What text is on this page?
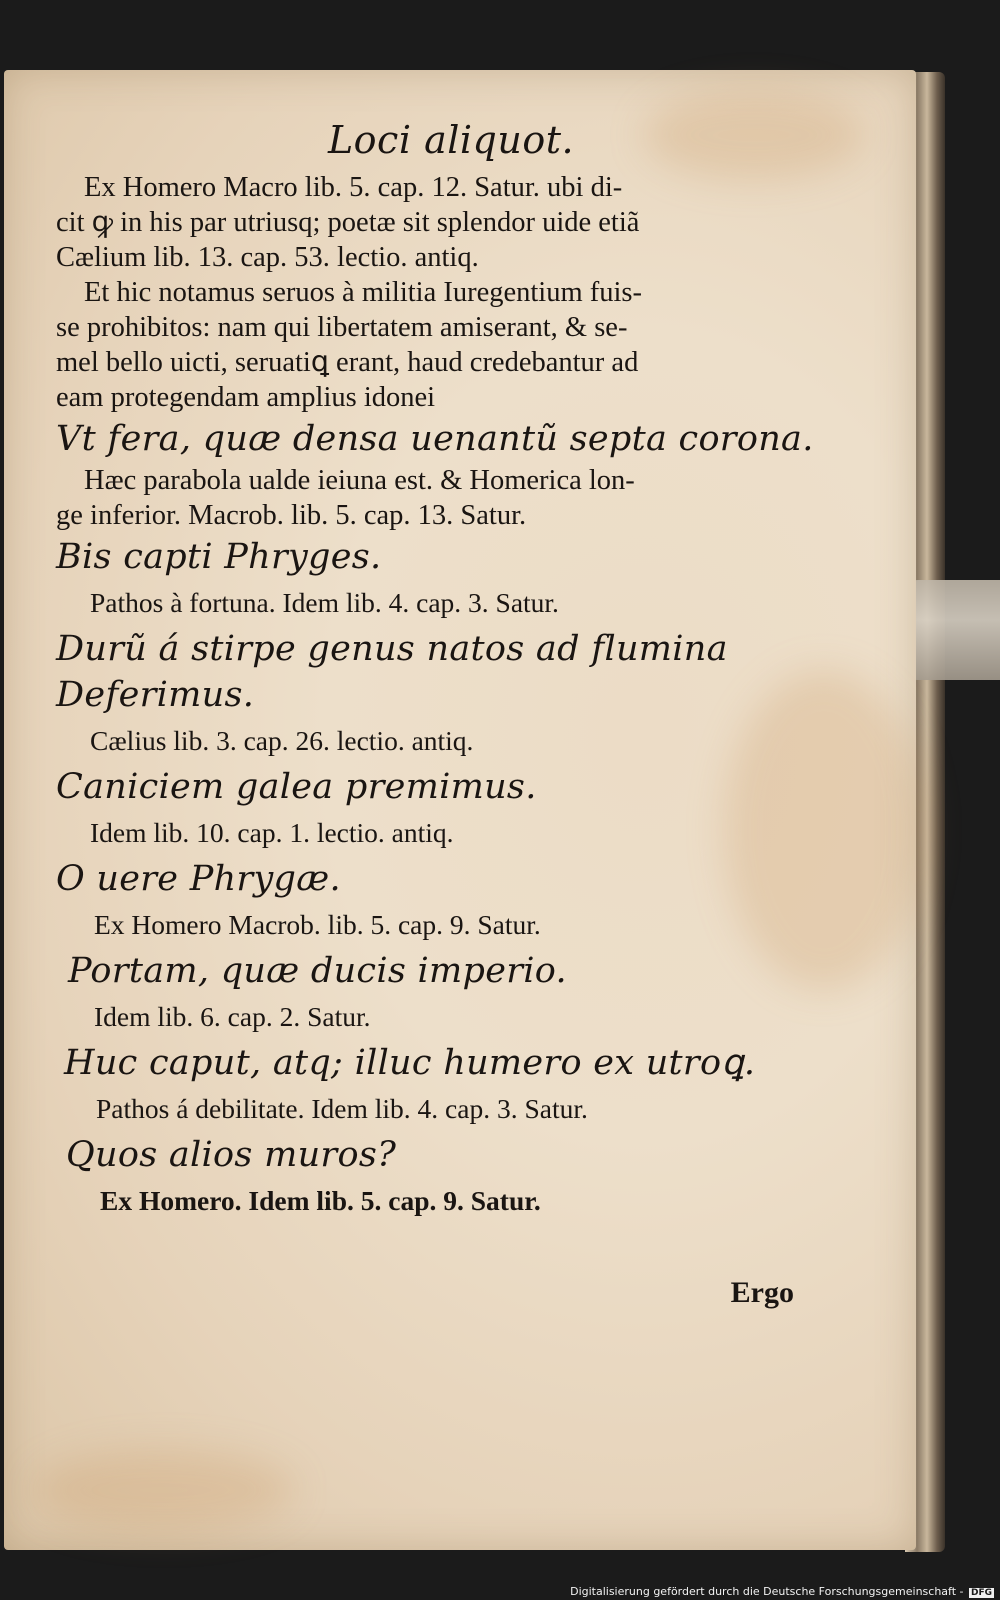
Loci aliquot.

Ex Homero Macro lib. 5. cap. 12. Satur. ubi di-

cit ꝙ in his par utriusq; poetæ sit splendor uide etiã

Cælium lib. 13. cap. 53. lectio. antiq.

Et hic notamus seruos à militia Iuregentium fuis-

se prohibitos: nam qui libertatem amiserant, & se-

mel bello uicti, seruatiꝗ erant, haud credebantur ad

eam protegendam amplius idonei

Vt fera, quæ densa uenantũ septa corona.

Hæc parabola ualde ieiuna est. & Homerica lon-

ge inferior. Macrob. lib. 5. cap. 13. Satur.

Bis capti Phryges.

Pathos à fortuna. Idem lib. 4. cap. 3. Satur.

Durũ á stirpe genus natos ad flumina

Deferimus.

Cælius lib. 3. cap. 26. lectio. antiq.

Caniciem galea premimus.

Idem lib. 10. cap. 1. lectio. antiq.

O uere Phrygæ.

Ex Homero Macrob. lib. 5. cap. 9. Satur.

Portam, quæ ducis imperio.

Idem lib. 6. cap. 2. Satur.

Huc caput, atq; illuc humero ex utroꝗ.

Pathos á debilitate. Idem lib. 4. cap. 3. Satur.

Quos alios muros?

Ex Homero. Idem lib. 5. cap. 9. Satur.

Ergo
Digitalisierung gefördert durch die Deutsche Forschungsgemeinschaft - DFG
